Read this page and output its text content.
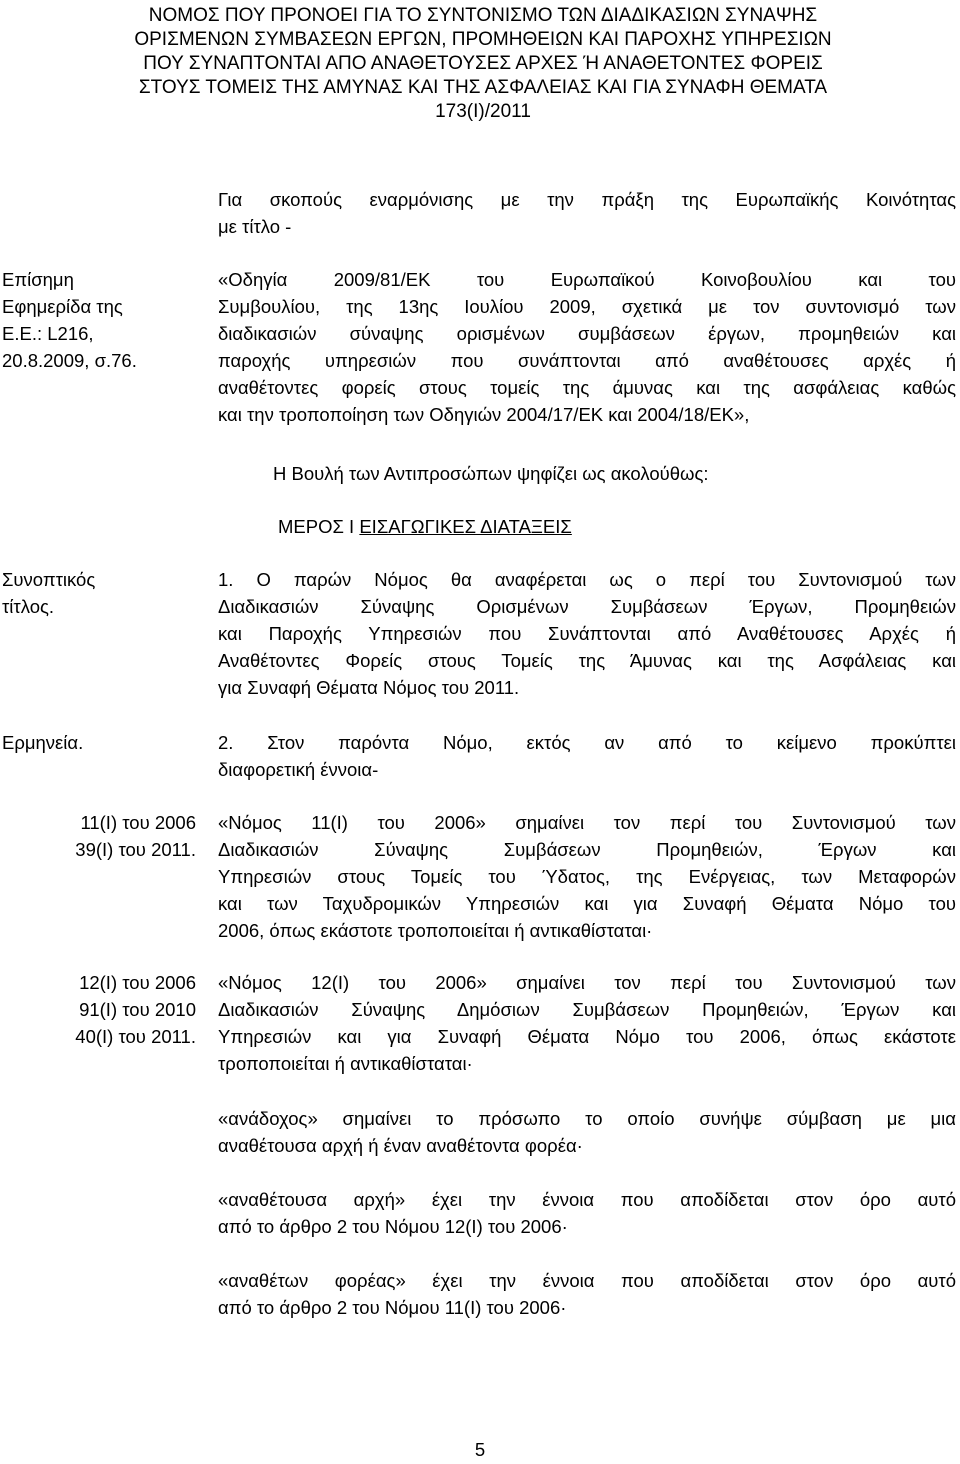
ΝΟΜΟΣ ΠΟΥ ΠΡΟΝΟΕΙ ΓΙΑ ΤΟ ΣΥΝΤΟΝΙΣΜΟ ΤΩΝ ΔΙΑΔΙΚΑΣΙΩΝ ΣΥΝΑΨΗΣ
ΟΡΙΣΜΕΝΩΝ ΣΥΜΒΑΣΕΩΝ ΕΡΓΩΝ, ΠΡΟΜΗΘΕΙΩΝ ΚΑΙ ΠΑΡΟΧΗΣ ΥΠΗΡΕΣΙΩΝ
ΠΟΥ ΣΥΝΑΠΤΟΝΤΑΙ ΑΠΟ ΑΝΑΘΕΤΟΥΣΕΣ ΑΡΧΕΣ Ή ΑΝΑΘΕΤΟΝΤΕΣ ΦΟΡΕΙΣ
ΣΤΟΥΣ ΤΟΜΕΙΣ ΤΗΣ ΑΜΥΝΑΣ ΚΑΙ ΤΗΣ ΑΣΦΑΛΕΙΑΣ ΚΑΙ ΓΙΑ ΣΥΝΑΦΗ ΘΕΜΑΤΑ
173(Ι)/2011
Για σκοπούς εναρμόνισης με την πράξη της Ευρωπαϊκής Κοινότητας
με τίτλο -
Επίσημη
Εφημερίδα της
Ε.Ε.: L216,
20.8.2009, σ.76.
«Οδηγία 2009/81/ΕΚ του Ευρωπαϊκού Κοινοβουλίου και του
Συμβουλίου, της 13ης Ιουλίου 2009, σχετικά με τον συντονισμό των
διαδικασιών σύναψης ορισμένων συμβάσεων έργων, προμηθειών και
παροχής υπηρεσιών που συνάπτονται από αναθέτουσες αρχές ή
αναθέτοντες φορείς στους τομείς της άμυνας και της ασφάλειας καθώς
και την τροποποίηση των Οδηγιών 2004/17/ΕΚ και 2004/18/ΕΚ»,
Η Βουλή των Αντιπροσώπων ψηφίζει ως ακολούθως:
ΜΕΡΟΣ Ι ΕΙΣΑΓΩΓΙΚΕΣ ΔΙΑΤΑΞΕΙΣ
Συνοπτικός
τίτλος.
1. Ο παρών Νόμος θα αναφέρεται ως ο περί του Συντονισμού των
Διαδικασιών Σύναψης Ορισμένων Συμβάσεων Έργων, Προμηθειών
και Παροχής Υπηρεσιών που Συνάπτονται από Αναθέτουσες Αρχές ή
Αναθέτοντες Φορείς στους Τομείς της Άμυνας και της Ασφάλειας και
για Συναφή Θέματα Νόμος του 2011.
Ερμηνεία.	2. Στον παρόντα Νόμο, εκτός αν από το κείμενο προκύπτει
διαφορετική έννοια-
11(Ι) του 2006
39(Ι) του 2011.
«Νόμος 11(Ι) του 2006» σημαίνει τον περί του Συντονισμού των
Διαδικασιών Σύναψης Συμβάσεων Προμηθειών, Έργων και
Υπηρεσιών στους Τομείς του Ύδατος, της Ενέργειας, των Μεταφορών
και των Ταχυδρομικών Υπηρεσιών και για Συναφή Θέματα Νόμο του
2006, όπως εκάστοτε τροποποιείται ή αντικαθίσταται·
12(Ι) του 2006
91(Ι) του 2010
40(Ι) του 2011.
«Νόμος 12(Ι) του 2006» σημαίνει τον περί του Συντονισμού των
Διαδικασιών Σύναψης Δημόσιων Συμβάσεων Προμηθειών, Έργων και
Υπηρεσιών και για Συναφή Θέματα Νόμο του 2006, όπως εκάστοτε
τροποποιείται ή αντικαθίσταται·
«ανάδοχος» σημαίνει το πρόσωπο το οποίο συνήψε σύμβαση με μια
αναθέτουσα αρχή ή έναν αναθέτοντα φορέα·
«αναθέτουσα αρχή» έχει την έννοια που αποδίδεται στον όρο αυτό
από το άρθρο 2 του Νόμου 12(Ι) του 2006·
«αναθέτων φορέας» έχει την έννοια που αποδίδεται στον όρο αυτό
από το άρθρο 2 του Νόμου 11(Ι) του 2006·
5
